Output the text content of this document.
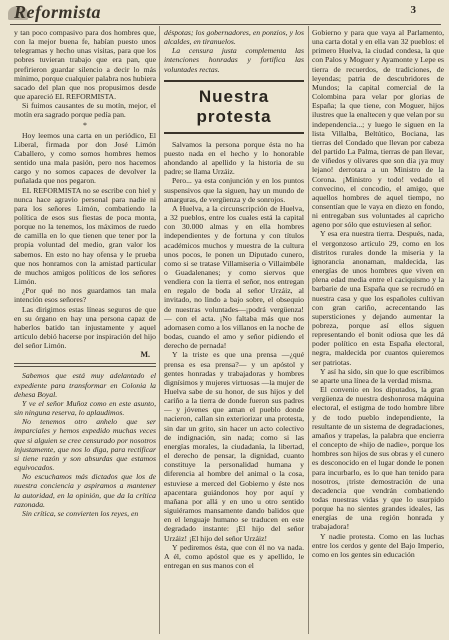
Reformista	3

y tan poco compasivo para dos hombres que, con la mejor buena fe, habían puesto unos telegramas y hecho unas visitas, para que los pobres tuvieran trabajo que era pan, que prefirieron guardar silencio a decir lo más mínimo, porque cualquier palabra nos hubiera sacado del plan que nos propusimos desde que apareció EL REFORMISTA.

Si fuimos causantes de su motín, mejor, el motín era sagrado porque pedía pan.

*

Hoy leemos una carta en un periódico, El Liberal, firmada por don José Limón Caballero, y como somos hombres hemos sentido una mala pasión, pero nos hacemos cargo y no somos capaces de devolver la puñalada que nos pegaron.

EL REFORMISTA no se escribe con hiel y nunca hace agravio personal para nadie ni para los señores Limón, combatiendo la política de esos sus fiestas de poca monta, porque no la tenemos, los máximos de ruedo de camilla en lo que tienen que tener por la propia voluntad del medio, gran valor los sabemos. En esto no hay ofensa y le prueba que nos honramos con la amistad particular de muchos amigos políticos de los señores Limón.

¿Por qué no nos guardamos tan mala intención esos señores?

Las dirigimos estas líneas seguros de que en su órgano en hay una persona capaz de haberlos batido tan injustamente y aquel artículo debió hacerse por inspiración del hijo del señor Limón.

M.

Sabemos que está muy adelantado el expediente para transformar en Colonia la dehesa Boyal.

Y ve el señor Muñoz como en este asunto, sin ninguna reserva, lo aplaudimos.

No tenemos otro anhelo que ser imparciales y hemos expedido muchas veces que si alguien se cree censurado por nosotros injustamente, que nos lo diga, para rectificar si tiene razón y son absurdas que estamos equivocados.

No escuchamos más dictados que los de nuestra conciencia y aspiramos a mantener la autoridad, en la opinión, que da la crítica razonada.

Sin crítica, se convierten los reyes, en

déspotas; los gobernadores, en ponzios, y los alcaldes, en tiranuelos.

La censura justa complementa las intenciones honradas y fortifica las voluntades rectas.

Nuestra protesta

Salvamos la persona porque ésta no ha puesto nada en el hecho y lo honorable ahondando al apellido y la historia de su padre; se llama Urzáiz.

Pero... ya esta conjunción y en los puntos suspensivos que la siguen, hay un mundo de amarguras, de vergüenza y de sonrojos.

A Huelva, a la circunscripción de Huelva, a 32 pueblos, entre los cuales está la capital con 30.000 almas y en ella hombres independientes y de fortuna y con títulos académicos muchos y muestra de la cultura unos pocos, le ponen un Diputado cunero, como si se tratase Villamiseria o Villaimbéle o Guadalenanes; y como siervos que vendiera con la tierra el señor, nos entregan en regalo de boda al señor Urzáiz, al invitado, no lindo a bajo sobre, el obsequio de nuestras voluntades—¡podrá vergüenza!— con el acta. ¡No faltaba más que nos adornasen como a los villanos en la noche de bodas, cuando el amo y señor pidiendo el derecho de pernada!

Y la triste es que una prensa —¿qué prensa es esa prensa?— y un apóstol y gentes honradas y trabajadoras y hombres dignísimos y mujeres virtuosas —la mujer de Huelva sabe de su honor, de sus hijos y del cariño a la tierra de donde fueron sus padres— y jóvenes que aman el pueblo donde nacieron, callan sin exteriorizar una protesta, sin dar un grito, sin hacer un acto colectivo de indignación, sin nada; como si las energías morales, la ciudadanía, la libertad, el derecho de pensar, la dignidad, cuanto constituye la personalidad humana y diferencia al hombre del animal o la cosa, estuviese a merced del Gobierno y éste nos apacentara guiándonos hoy por aquí y mañana por allá y en uno u otro sentido siguiéramos mansamente dando balidos que en el lenguaje humano se traducen en este degradado instante: ¡El hijo del señor Urzáiz! ¡El hijo del señor Urzáiz!

Y pediremos ésta, que con él no va nada. A él, como apóstol que es y apellido, le entregan en sus manos con el

Gobierno y para que vaya al Parlamento, una carta dotal y en ella van 32 pueblos: el primero Huelva, la ciudad condesa, la que con Palos y Moguer y Ayamonte y Lepe es tierra de recuerdos, de tradiciones, de leyendas; patria de descubridores de Mundos; la capital comercial de la Colombina para velar por glorias de España; la que tiene, con Moguer, hijos ilustres que la enaltecen y que velan por su independencia...; y luego le siguen en la lista Villalba, Beltútico, Bociana, las tierras del Condado que llevan por cabeza del partido La Palma, tierras de pan llevar, de viñedos y olivares que son dia ¡ya muy lejano! derrotara a un Ministro de la Corona. ¡Ministro y todo! vedado el convecino, el concodio, el amigo, que aquellos hombres de aquel tiempo, no consentían que le vaya en diezo en fondo, ni entregaban sus voluntades al capricho ageno por sólo que estuviesen al señor.

Y esa era nuestra tierra. Después, nada, el vergonzoso artículo 29, como en los distritos rurales donde la miseria y la ignorancia anonaman, maldecida, las energías de unos hombres que viven en plena edad media entre el caciquismo y la barbarie de una España que se recrudó en nuestra casa y que los españoles cultivan con gran cariño, acrecentando las supersticiones y dejando aumentar la pobreza, porque así ellos siguen representando el bonit odiosa que les dá poder político en esta España electoral, negra, maldecida por cuantos quieremos ser patriotas.

Y así ha sido, sin que lo que escribimos se aparte una línea de la verdad misma.

El convenio en los diputados, la gran vergüenza de nuestra deshonrosa máquina electoral, el estigma de todo hombre libre y de todo pueblo independiente, la resultante de un sistema de degradaciones, amaños y trapelas, la palabra que encierra el concepto de «hijo de nadie», porque los hombres son hijos de sus obras y el cunero es desconocido en el lugar donde le ponen para incurbarlo, es lo que han tenido para nosotros, ¡triste demostración de una decadencia que vendrán combatiendo todas nuestras vidas y que lo usurpido porque ha no sientes grandes ideales, las energías de una región honrada y trabajadora!

Y nadie protesta. Como en las luchas entre los cerdos y gente del Bajo Imperio, como en los gentes sin educación
